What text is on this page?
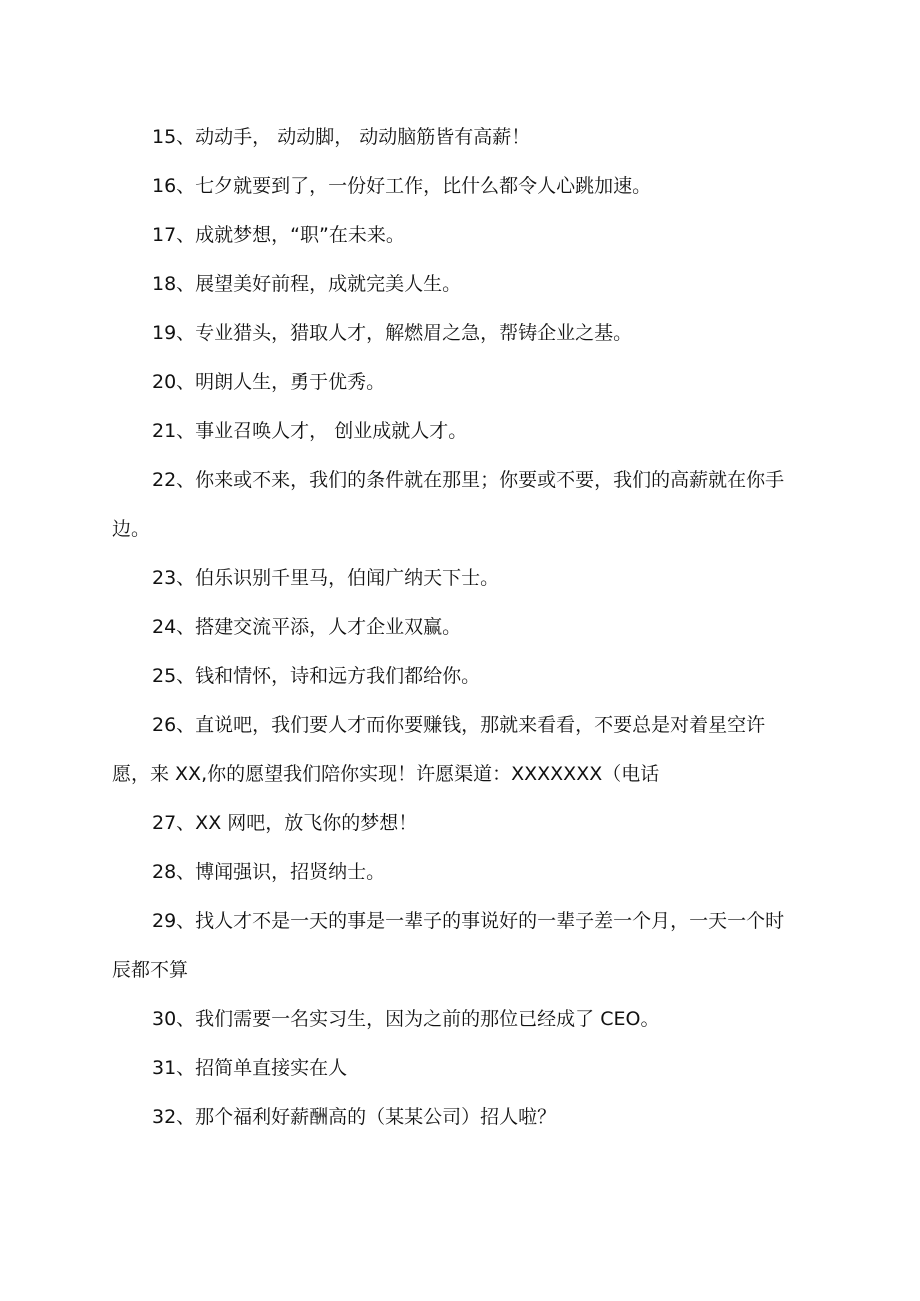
15、动动手， 动动脚， 动动脑筋皆有高薪！

16、七夕就要到了，一份好工作，比什么都令人心跳加速。

17、成就梦想，“职”在未来。

18、展望美好前程，成就完美人生。

19、专业猎头，猎取人才，解燃眉之急，帮铸企业之基。

20、明朗人生，勇于优秀。

21、事业召唤人才， 创业成就人才。

22、你来或不来，我们的条件就在那里；你要或不要，我们的高薪就在你手边。

23、伯乐识别千里马，伯闻广纳天下士。

24、搭建交流平添，人才企业双赢。

25、钱和情怀，诗和远方我们都给你。

26、直说吧，我们要人才而你要赚钱，那就来看看，不要总是对着星空许愿，来 XX,你的愿望我们陪你实现！许愿渠道：XXXXXXX（电话

27、XX 网吧，放飞你的梦想！

28、博闻强识，招贤纳士。

29、找人才不是一天的事是一辈子的事说好的一辈子差一个月，一天一个时辰都不算

30、我们需要一名实习生，因为之前的那位已经成了 CEO。

31、招简单直接实在人

32、那个福利好薪酬高的（某某公司）招人啦？
